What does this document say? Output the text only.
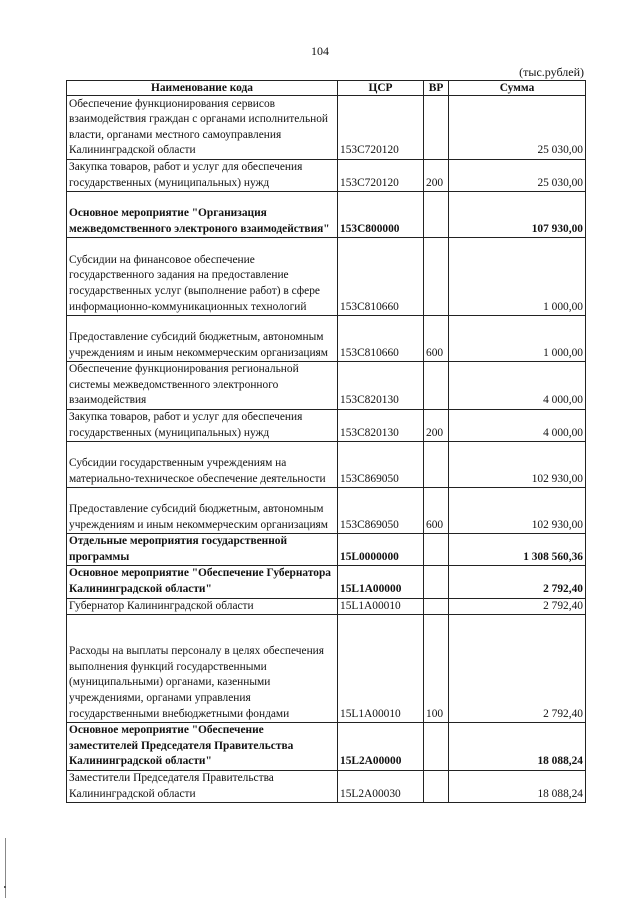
104
(тыс.рублей)
Наименование кода	ЦСР	ВР	Сумма
Обеспечение функционирования сервисов взаимодействия граждан с органами исполнительной власти, органами местного самоуправления Калининградской области	153C720120		25 030,00
Закупка товаров, работ и услуг для обеспечения государственных (муниципальных) нужд	153C720120	200	25 030,00
Основное мероприятие "Организация межведомственного электроного взаимодействия"	153C800000		107 930,00
Субсидии на финансовое обеспечение государственного задания на предоставление государственных услуг (выполнение работ) в сфере информационно-коммуникационных технологий	153C810660		1 000,00
Предоставление субсидий бюджетным, автономным учреждениям и иным некоммерческим организациям	153C810660	600	1 000,00
Обеспечение функционирования региональной системы межведомственного электронного взаимодействия	153C820130		4 000,00
Закупка товаров, работ и услуг для обеспечения государственных (муниципальных) нужд	153C820130	200	4 000,00
Субсидии государственным учреждениям на материально-техническое обеспечение деятельности	153C869050		102 930,00
Предоставление субсидий бюджетным, автономным учреждениям и иным некоммерческим организациям	153C869050	600	102 930,00
Отдельные мероприятия государственной программы	15L0000000		1 308 560,36
Основное мероприятие "Обеспечение Губернатора Калининградской области"	15L1A00000		2 792,40
Губернатор Калининградской области	15L1A00010		2 792,40
Расходы на выплаты персоналу в целях обеспечения выполнения функций государственными (муниципальными) органами, казенными учреждениями, органами управления государственными внебюджетными фондами	15L1A00010	100	2 792,40
Основное мероприятие "Обеспечение заместителей Председателя Правительства Калининградской области"	15L2A00000		18 088,24
Заместители Председателя Правительства Калининградской области	15L2A00030		18 088,24
